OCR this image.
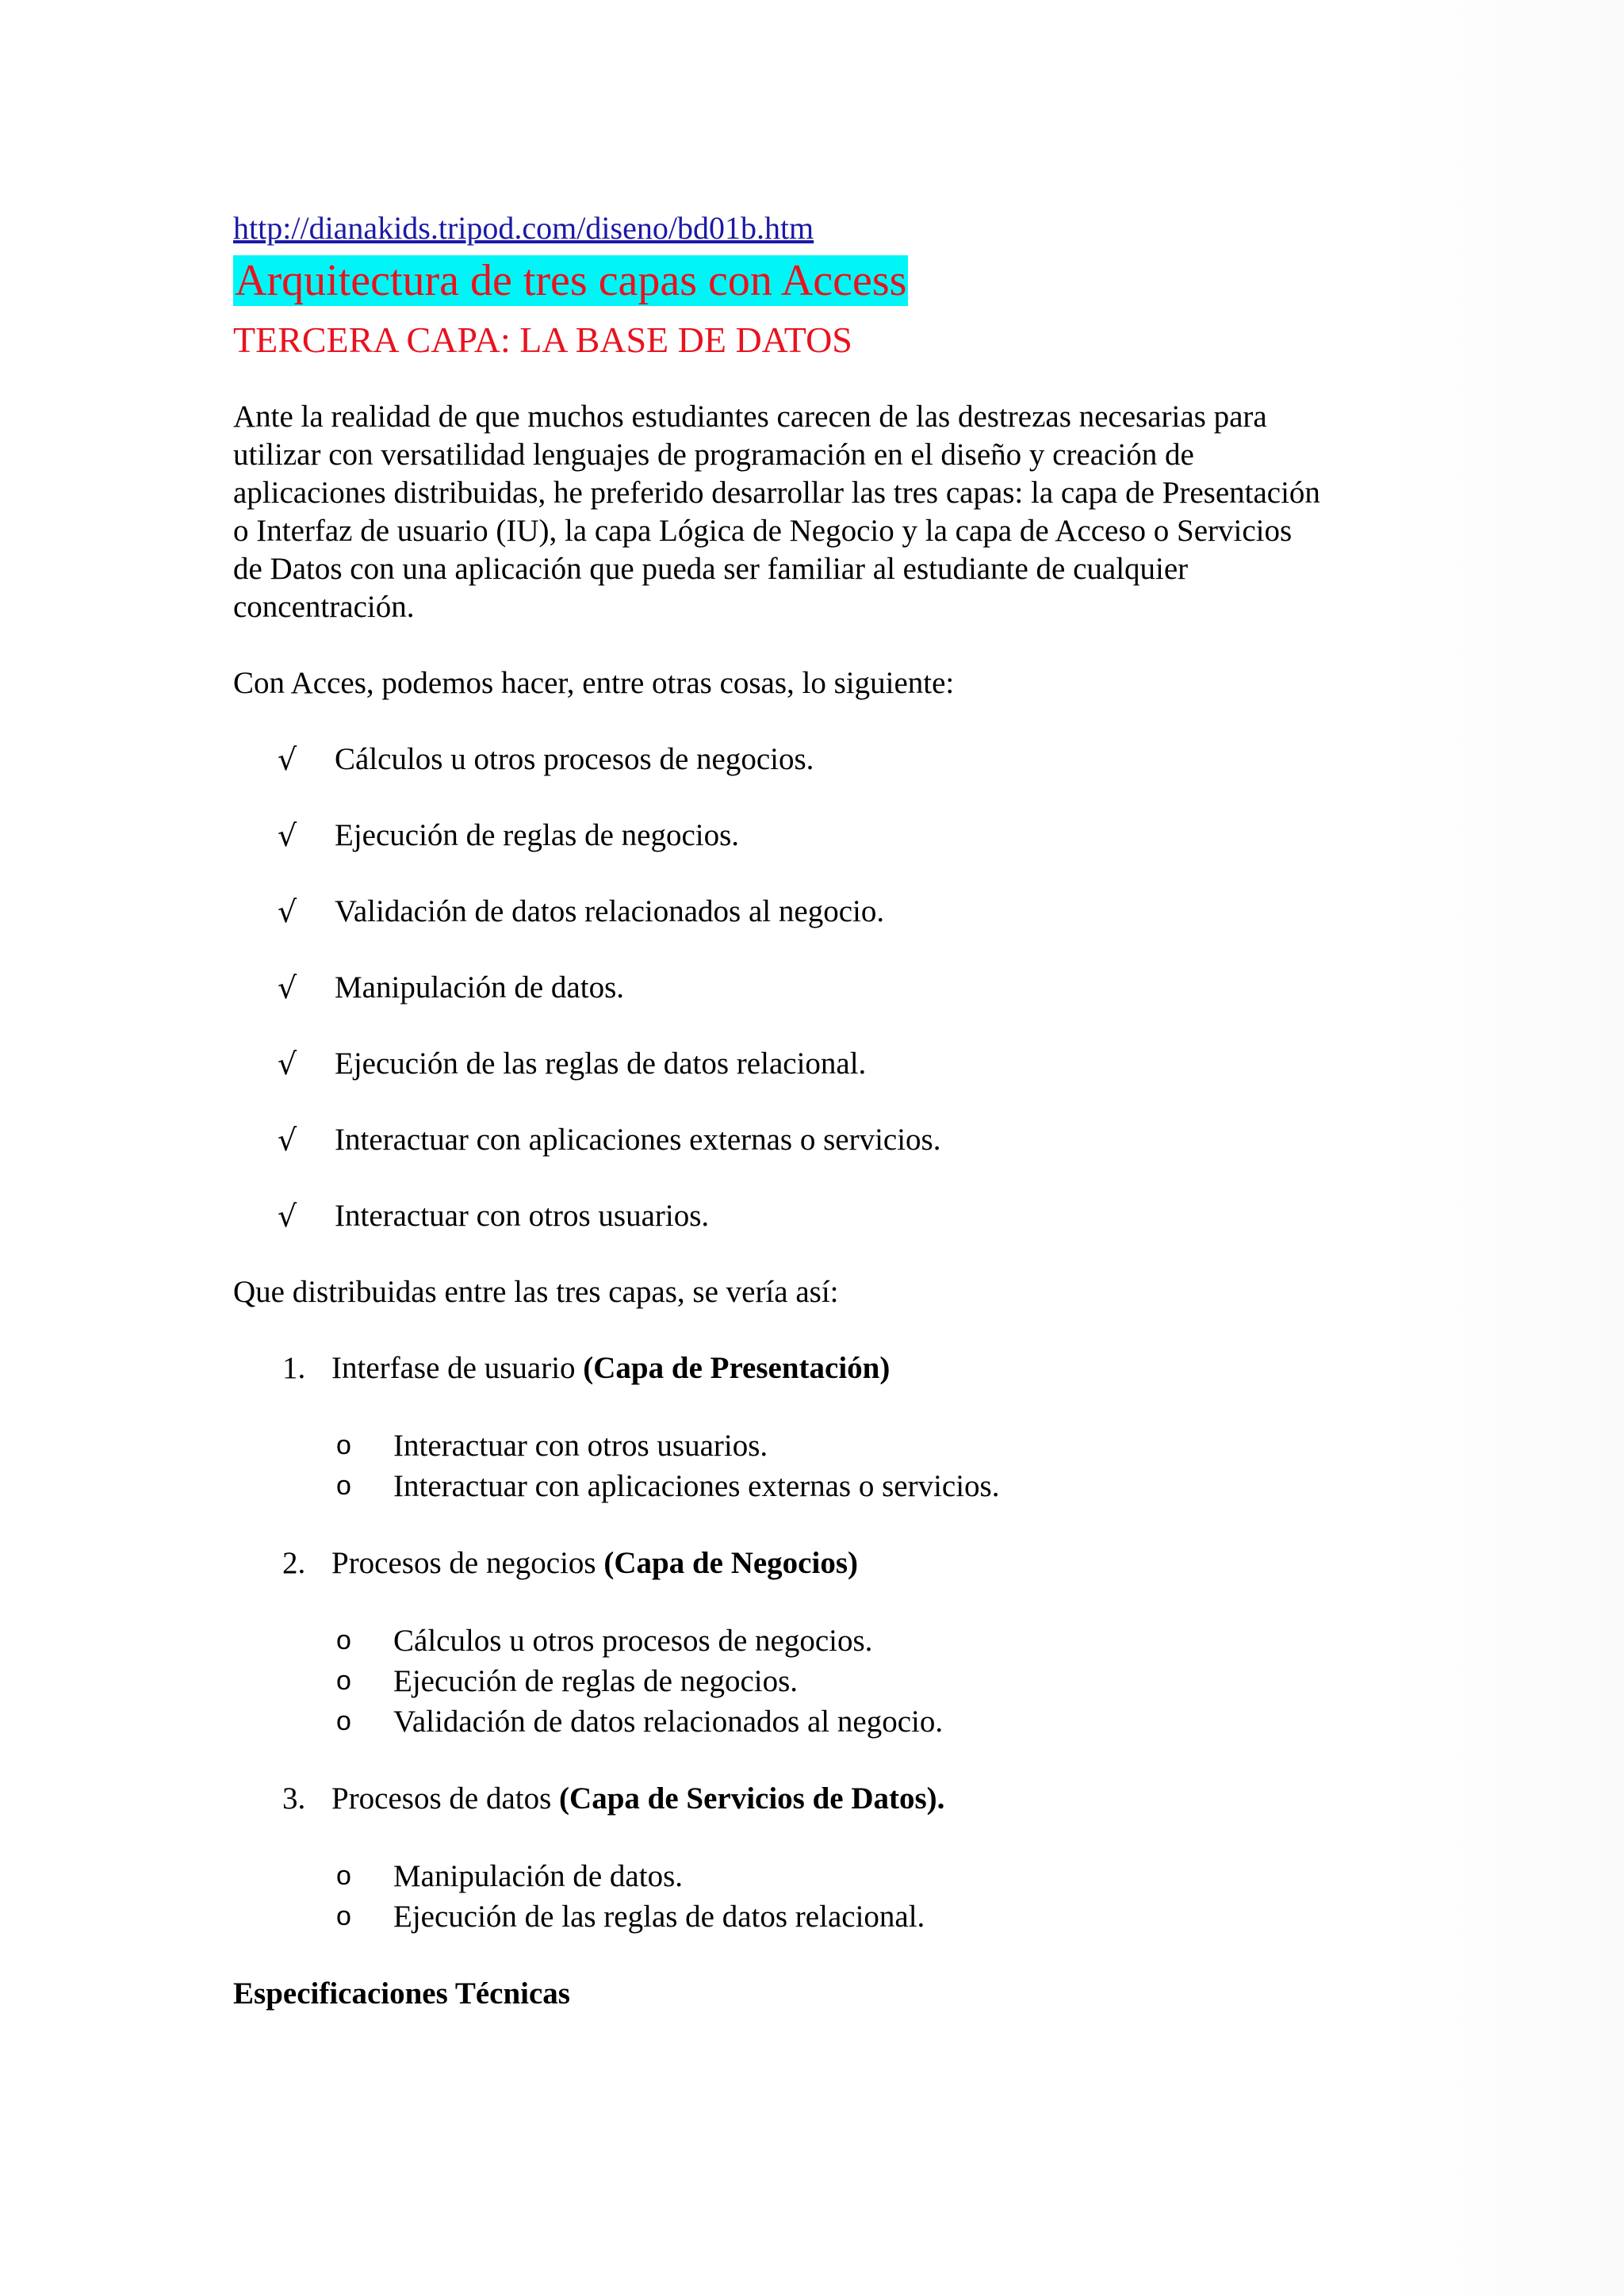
http://dianakids.tripod.com/diseno/bd01b.htm
Arquitectura de tres capas con Access
TERCERA CAPA: LA BASE DE DATOS
Ante la realidad de que muchos estudiantes carecen de las destrezas necesarias para
utilizar con versatilidad lenguajes de programación en el diseño y creación de
aplicaciones distribuidas, he preferido desarrollar las tres capas: la capa de Presentación
o Interfaz de usuario (IU), la capa Lógica de Negocio y la capa de Acceso o Servicios
de Datos con una aplicación que pueda ser familiar al estudiante de cualquier
concentración.
Con Acces, podemos hacer, entre otras cosas, lo siguiente:
√	Cálculos u otros procesos de negocios.
√	Ejecución de reglas de negocios.
√	Validación de datos relacionados al negocio.
√	Manipulación de datos.
√	Ejecución de las reglas de datos relacional.
√	Interactuar con aplicaciones externas o servicios.
√	Interactuar con otros usuarios.
Que distribuidas entre las tres capas, se vería así:
1. Interfase de usuario (Capa de Presentación)
o Interactuar con otros usuarios.
o Interactuar con aplicaciones externas o servicios.
2. Procesos de negocios (Capa de Negocios)
o Cálculos u otros procesos de negocios.
o Ejecución de reglas de negocios.
o Validación de datos relacionados al negocio.
3. Procesos de datos (Capa de Servicios de Datos).
o Manipulación de datos.
o Ejecución de las reglas de datos relacional.
Especificaciones Técnicas
